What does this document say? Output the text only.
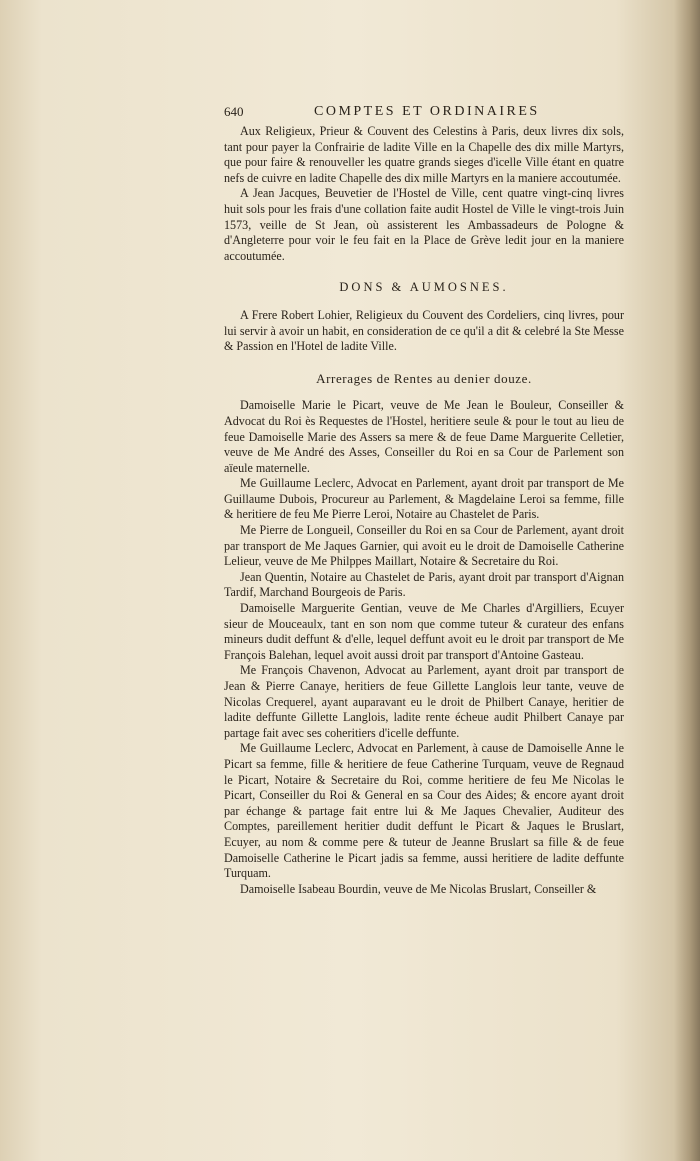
640	COMPTES ET ORDINAIRES

Aux Religieux, Prieur & Couvent des Celestins à Paris, deux livres dix sols, tant pour payer la Confrairie de ladite Ville en la Chapelle des dix mille Martyrs, que pour faire & renouveller les quatre grands sieges d'icelle Ville étant en quatre nefs de cuivre en ladite Chapelle des dix mille Martyrs en la maniere accoutumée.

A Jean Jacques, Beuvetier de l'Hostel de Ville, cent quatre vingt-cinq livres huit sols pour les frais d'une collation faite audit Hostel de Ville le vingt-trois Juin 1573, veille de St Jean, où assisterent les Ambassadeurs de Pologne & d'Angleterre pour voir le feu fait en la Place de Grève ledit jour en la maniere accoutumée.

DONS & AUMOSNES.

A Frere Robert Lohier, Religieux du Couvent des Cordeliers, cinq livres, pour lui servir à avoir un habit, en consideration de ce qu'il a dit & celebré la Ste Messe & Passion en l'Hotel de ladite Ville.

Arrerages de Rentes au denier douze.

Damoiselle Marie le Picart, veuve de Me Jean le Bouleur, Conseiller & Advocat du Roi ès Requestes de l'Hostel, heritiere seule & pour le tout au lieu de feue Damoiselle Marie des Assers sa mere & de feue Dame Marguerite Celletier, veuve de Me André des Asses, Conseiller du Roi en sa Cour de Parlement son aïeule maternelle.

Me Guillaume Leclerc, Advocat en Parlement, ayant droit par transport de Me Guillaume Dubois, Procureur au Parlement, & Magdelaine Leroi sa femme, fille & heritiere de feu Me Pierre Leroi, Notaire au Chastelet de Paris.

Me Pierre de Longueil, Conseiller du Roi en sa Cour de Parlement, ayant droit par transport de Me Jaques Garnier, qui avoit eu le droit de Damoiselle Catherine Lelieur, veuve de Me Philppes Maillart, Notaire & Secretaire du Roi.

Jean Quentin, Notaire au Chastelet de Paris, ayant droit par transport d'Aignan Tardif, Marchand Bourgeois de Paris.

Damoiselle Marguerite Gentian, veuve de Me Charles d'Argilliers, Ecuyer sieur de Mouceaulx, tant en son nom que comme tuteur & curateur des enfans mineurs dudit deffunt & d'elle, lequel deffunt avoit eu le droit par transport de Me François Balehan, lequel avoit aussi droit par transport d'Antoine Gasteau.

Me François Chavenon, Advocat au Parlement, ayant droit par transport de Jean & Pierre Canaye, heritiers de feue Gillette Langlois leur tante, veuve de Nicolas Crequerel, ayant auparavant eu le droit de Philbert Canaye, heritier de ladite deffunte Gillette Langlois, ladite rente écheue audit Philbert Canaye par partage fait avec ses coheritiers d'icelle deffunte.

Me Guillaume Leclerc, Advocat en Parlement, à cause de Damoiselle Anne le Picart sa femme, fille & heritiere de feue Catherine Turquam, veuve de Regnaud le Picart, Notaire & Secretaire du Roi, comme heritiere de feu Me Nicolas le Picart, Conseiller du Roi & General en sa Cour des Aides; & encore ayant droit par échange & partage fait entre lui & Me Jaques Chevalier, Auditeur des Comptes, pareillement heritier dudit deffunt le Picart & Jaques le Bruslart, Ecuyer, au nom & comme pere & tuteur de Jeanne Bruslart sa fille & de feue Damoiselle Catherine le Picart jadis sa femme, aussi heritiere de ladite deffunte Turquam.

Damoiselle Isabeau Bourdin, veuve de Me Nicolas Bruslart, Conseiller &
